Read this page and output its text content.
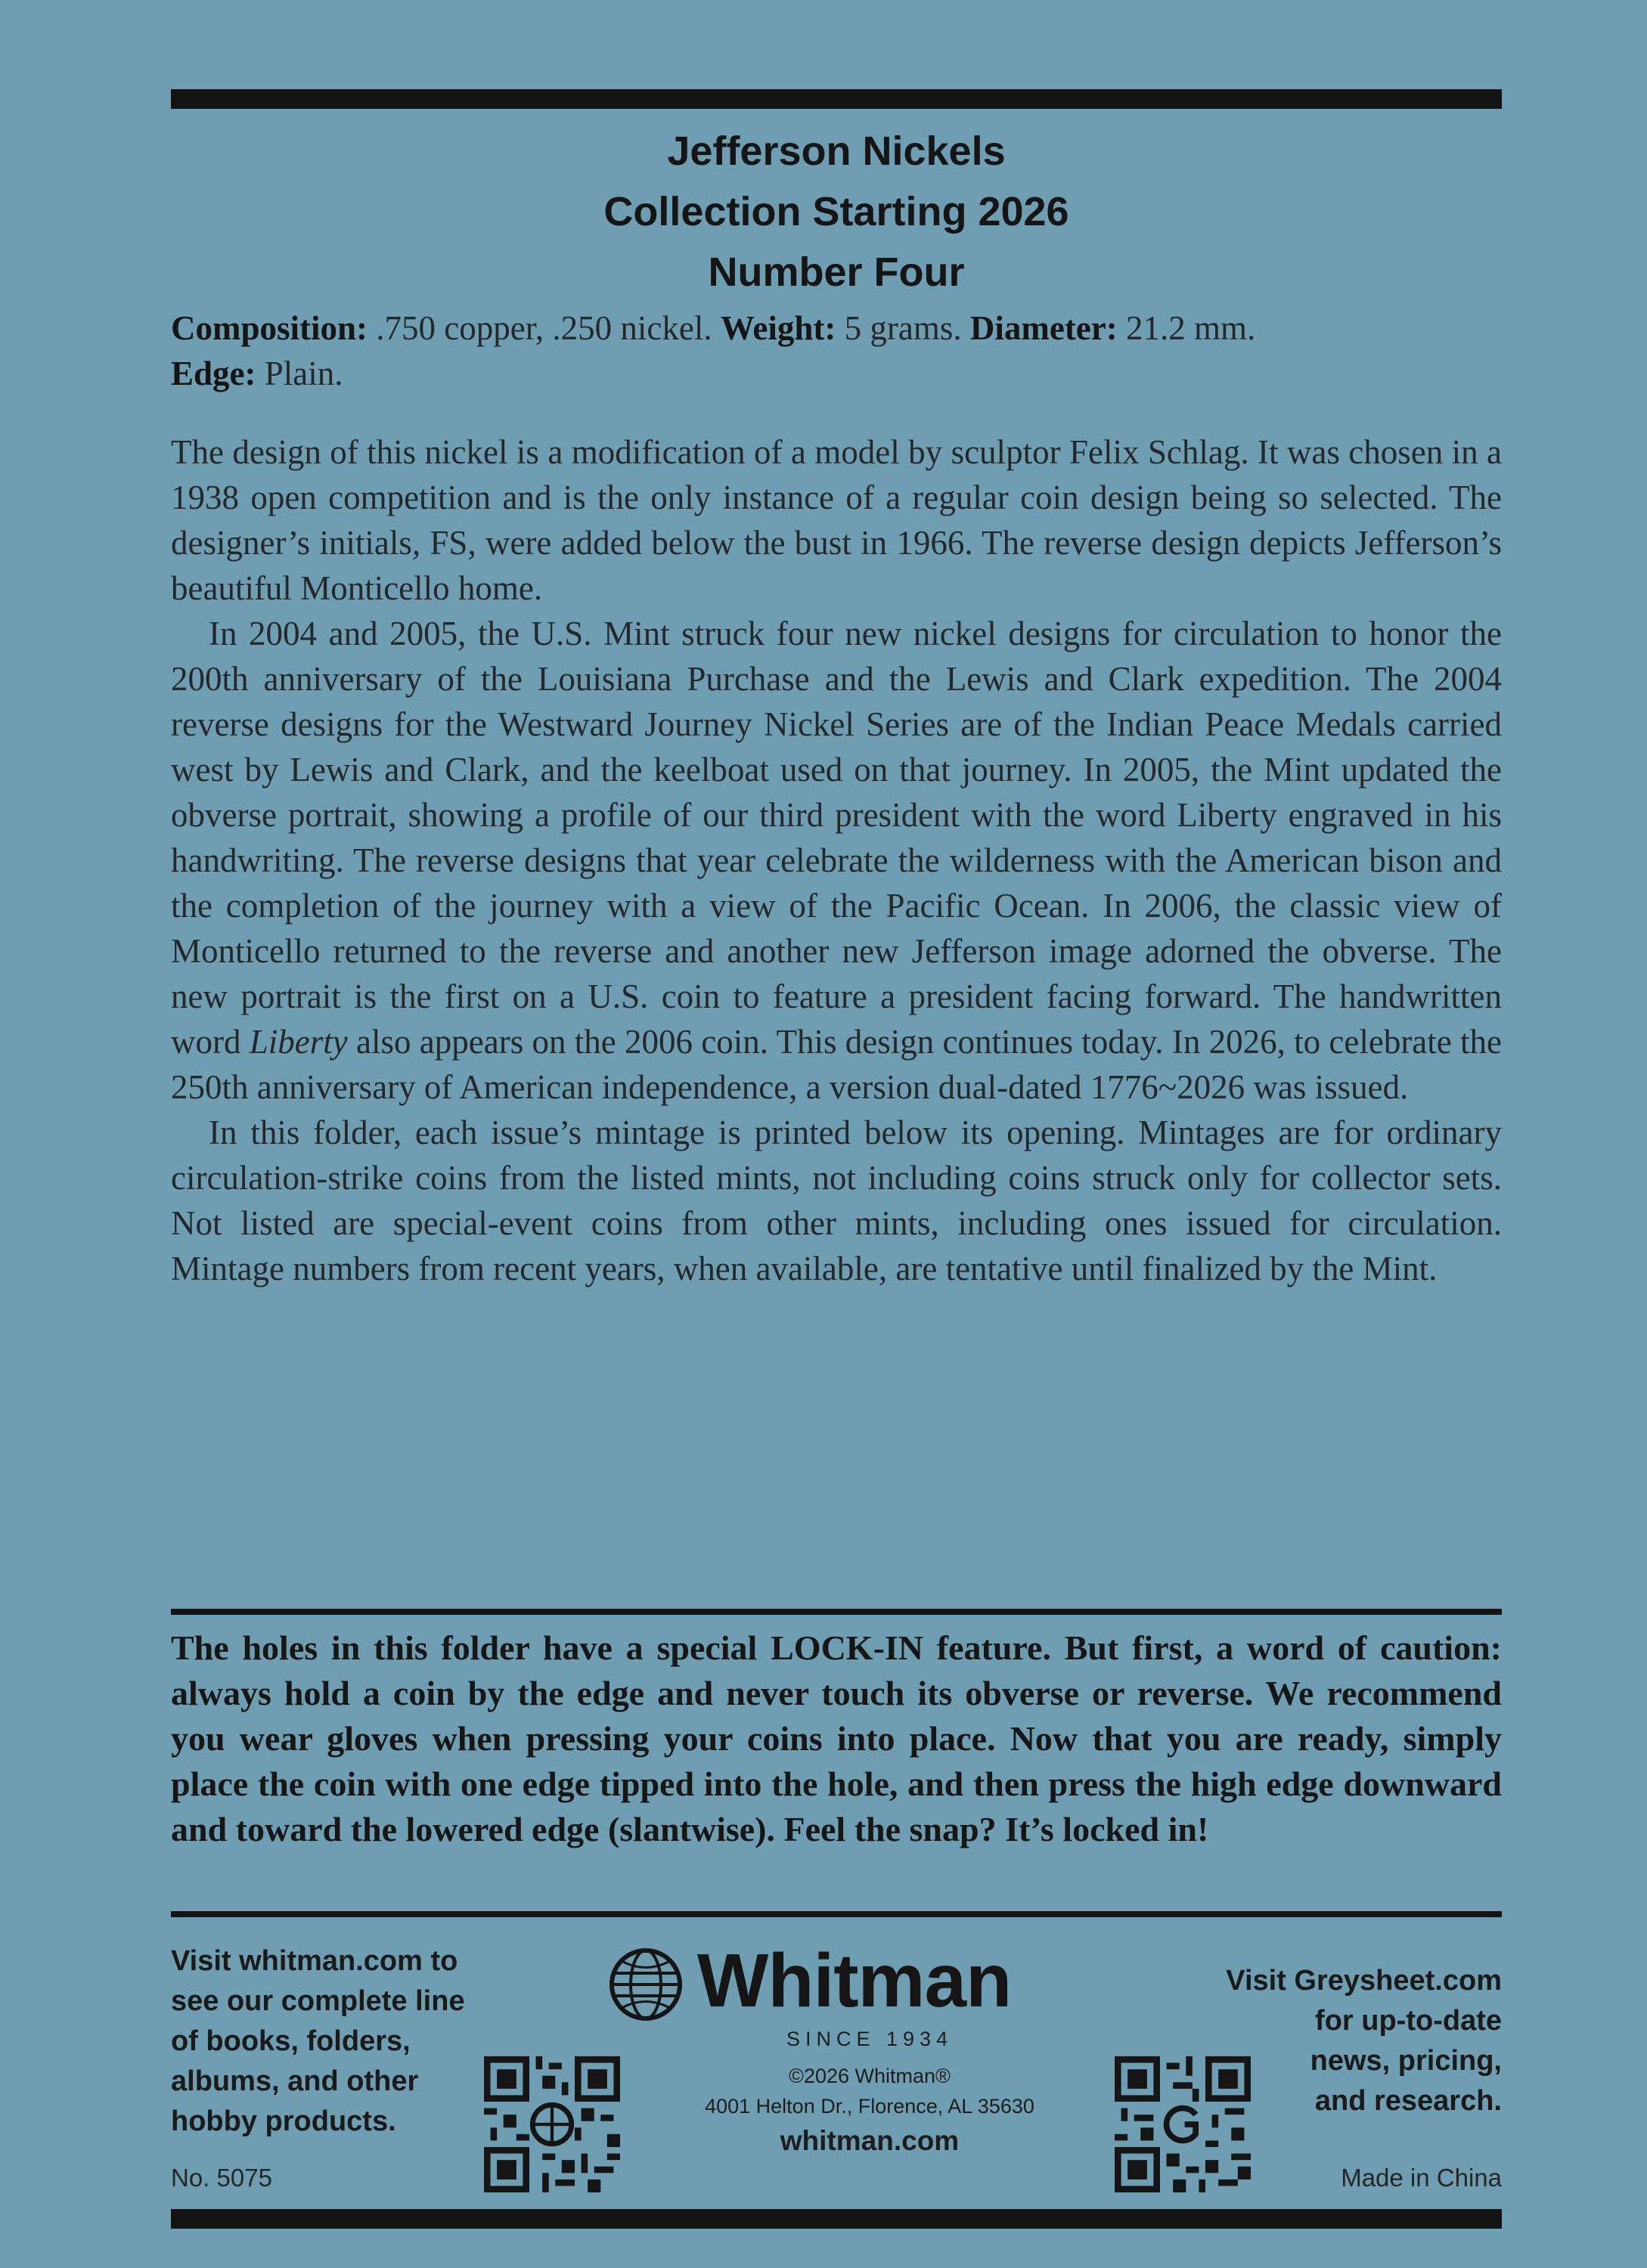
Jefferson Nickels
Collection Starting 2026
Number Four

Composition: .750 copper, .250 nickel. Weight: 5 grams. Diameter: 21.2 mm.
Edge: Plain.

The design of this nickel is a modification of a model by sculptor Felix Schlag. It was chosen in a 1938 open competition and is the only instance of a regular coin design being so selected. The designer’s initials, FS, were added below the bust in 1966. The reverse design depicts Jefferson’s beautiful Monticello home.

In 2004 and 2005, the U.S. Mint struck four new nickel designs for circulation to honor the 200th anniversary of the Louisiana Purchase and the Lewis and Clark expedition. The 2004 reverse designs for the Westward Journey Nickel Series are of the Indian Peace Medals carried west by Lewis and Clark, and the keelboat used on that journey. In 2005, the Mint updated the obverse portrait, showing a profile of our third president with the word Liberty engraved in his handwriting. The reverse designs that year celebrate the wilderness with the American bison and the completion of the journey with a view of the Pacific Ocean. In 2006, the classic view of Monticello returned to the reverse and another new Jefferson image adorned the obverse. The new portrait is the first on a U.S. coin to feature a president facing forward. The handwritten word Liberty also appears on the 2006 coin. This design continues today. In 2026, to celebrate the 250th anniversary of American independence, a version dual-dated 1776~2026 was issued.

In this folder, each issue’s mintage is printed below its opening. Mintages are for ordinary circulation-strike coins from the listed mints, not including coins struck only for collector sets. Not listed are special-event coins from other mints, including ones issued for circulation. Mintage numbers from recent years, when available, are tentative until finalized by the Mint.

The holes in this folder have a special LOCK-IN feature. But first, a word of caution: always hold a coin by the edge and never touch its obverse or reverse. We recommend you wear gloves when pressing your coins into place. Now that you are ready, simply place the coin with one edge tipped into the hole, and then press the high edge downward and toward the lowered edge (slantwise). Feel the snap? It’s locked in!
Visit whitman.com to
see our complete line
of books, folders,
albums, and other
hobby products.
No. 5075
Whitman
SINCE 1934
©2026 Whitman®
4001 Helton Dr., Florence, AL 35630
whitman.com
Visit Greysheet.com
for up-to-date
news, pricing,
and research.
Made in China
